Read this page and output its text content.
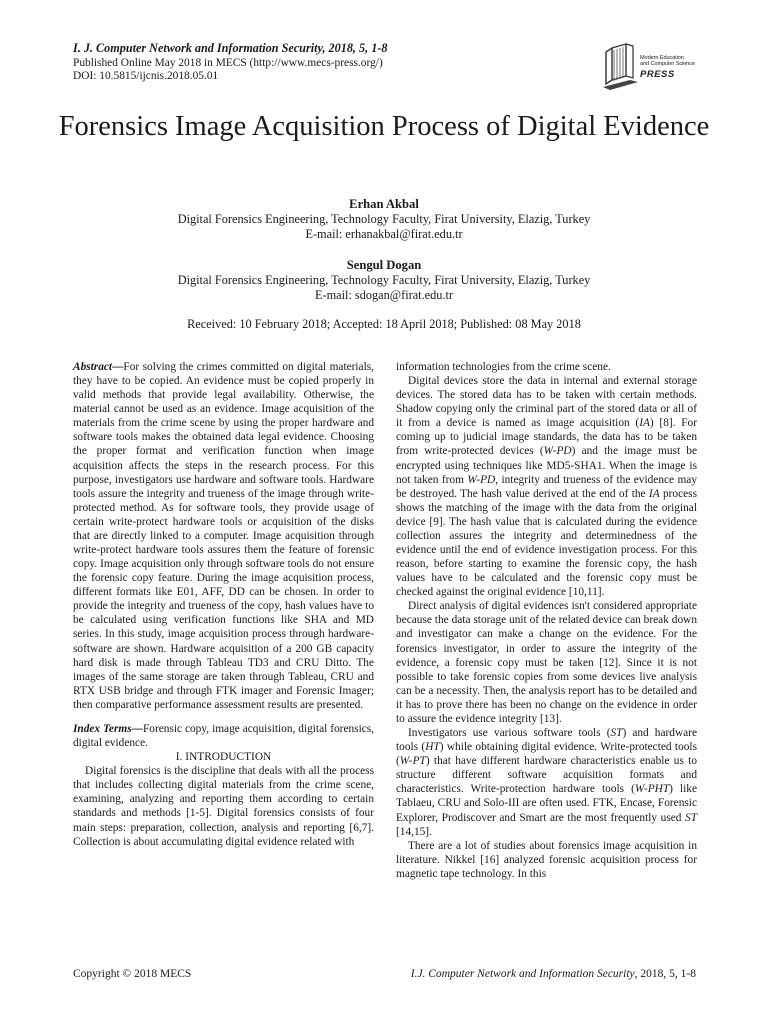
I. J. Computer Network and Information Security, 2018, 5, 1-8
Published Online May 2018 in MECS (http://www.mecs-press.org/)
DOI: 10.5815/ijcnis.2018.05.01
Modern Education
and Computer Science
PRESS
Forensics Image Acquisition Process of Digital Evidence
Erhan Akbal
Digital Forensics Engineering, Technology Faculty, Firat University, Elazig, Turkey
E-mail: erhanakbal@firat.edu.tr
Sengul Dogan
Digital Forensics Engineering, Technology Faculty, Firat University, Elazig, Turkey
E-mail: sdogan@firat.edu.tr
Received: 10 February 2018; Accepted: 18 April 2018; Published: 08 May 2018

Abstract—For solving the crimes committed on digital materials, they have to be copied. An evidence must be copied properly in valid methods that provide legal availability. Otherwise, the material cannot be used as an evidence. Image acquisition of the materials from the crime scene by using the proper hardware and software tools makes the obtained data legal evidence. Choosing the proper format and verification function when image acquisition affects the steps in the research process. For this purpose, investigators use hardware and software tools. Hardware tools assure the integrity and trueness of the image through write-protected method. As for software tools, they provide usage of certain write-protect hardware tools or acquisition of the disks that are directly linked to a computer. Image acquisition through write-protect hardware tools assures them the feature of forensic copy. Image acquisition only through software tools do not ensure the forensic copy feature. During the image acquisition process, different formats like E01, AFF, DD can be chosen. In order to provide the integrity and trueness of the copy, hash values have to be calculated using verification functions like SHA and MD series. In this study, image acquisition process through hardware-software are shown. Hardware acquisition of a 200 GB capacity hard disk is made through Tableau TD3 and CRU Ditto. The images of the same storage are taken through Tableau, CRU and RTX USB bridge and through FTK imager and Forensic Imager; then comparative performance assessment results are presented.

Index Terms—Forensic copy, image acquisition, digital forensics, digital evidence.

I. INTRODUCTION

Digital forensics is the discipline that deals with all the process that includes collecting digital materials from the crime scene, examining, analyzing and reporting them according to certain standards and methods [1-5]. Digital forensics consists of four main steps: preparation, collection, analysis and reporting [6,7]. Collection is about accumulating digital evidence related with

information technologies from the crime scene.

Digital devices store the data in internal and external storage devices. The stored data has to be taken with certain methods. Shadow copying only the criminal part of the stored data or all of it from a device is named as image acquisition (IA) [8]. For coming up to judicial image standards, the data has to be taken from write-protected devices (W-PD) and the image must be encrypted using techniques like MD5-SHA1. When the image is not taken from W-PD, integrity and trueness of the evidence may be destroyed. The hash value derived at the end of the IA process shows the matching of the image with the data from the original device [9]. The hash value that is calculated during the evidence collection assures the integrity and determinedness of the evidence until the end of evidence investigation process. For this reason, before starting to examine the forensic copy, the hash values have to be calculated and the forensic copy must be checked against the original evidence [10,11].

Direct analysis of digital evidences isn't considered appropriate because the data storage unit of the related device can break down and investigator can make a change on the evidence. For the forensics investigator, in order to assure the integrity of the evidence, a forensic copy must be taken [12]. Since it is not possible to take forensic copies from some devices live analysis can be a necessity. Then, the analysis report has to be detailed and it has to prove there has been no change on the evidence in order to assure the evidence integrity [13].

Investigators use various software tools (ST) and hardware tools (HT) while obtaining digital evidence. Write-protected tools (W-PT) that have different hardware characteristics enable us to structure different software acquisition formats and characteristics. Write-protection hardware tools (W-PHT) like Tablaeu, CRU and Solo-III are often used. FTK, Encase, Forensic Explorer, Prodiscover and Smart are the most frequently used ST [14,15].

There are a lot of studies about forensics image acquisition in literature. Nikkel [16] analyzed forensic acquisition process for magnetic tape technology. In this

Copyright © 2018 MECS	I.J. Computer Network and Information Security, 2018, 5, 1-8
